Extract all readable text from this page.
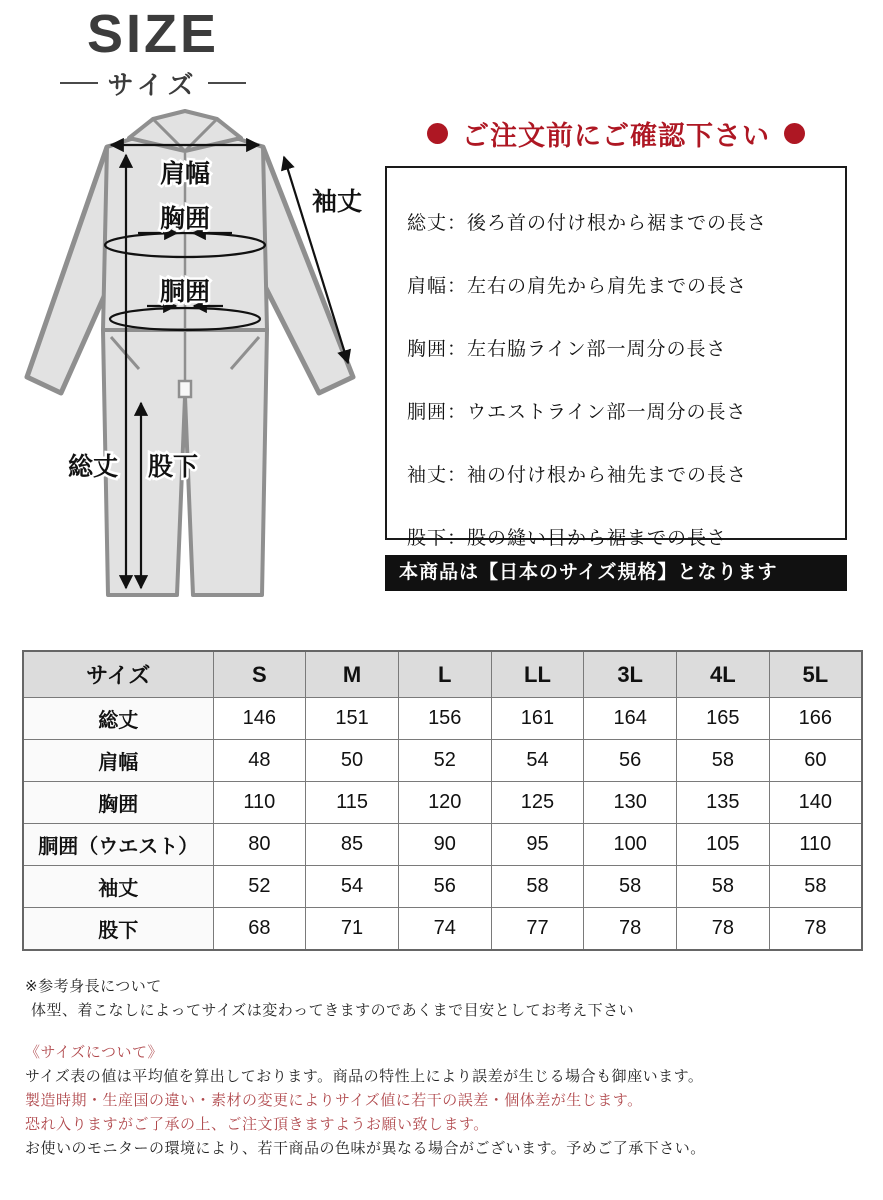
SIZE
サイズ
肩幅
袖丈
胸囲
胴囲
総丈 股下
ご注文前にご確認下さい
総丈：後ろ首の付け根から裾までの長さ
肩幅：左右の肩先から肩先までの長さ
胸囲：左右脇ライン部一周分の長さ
胴囲：ウエストライン部一周分の長さ
袖丈：袖の付け根から袖先までの長さ
股下：股の縫い目から裾までの長さ
本商品は【日本のサイズ規格】となります
サイズ	S	M	L	LL	3L	4L	5L
総丈	146	151	156	161	164	165	166
肩幅	48	50	52	54	56	58	60
胸囲	110	115	120	125	130	135	140
胴囲（ウエスト）	80	85	90	95	100	105	110
袖丈	52	54	56	58	58	58	58
股下	68	71	74	77	78	78	78
※参考身長について
体型、着こなしによってサイズは変わってきますのであくまで目安としてお考え下さい
《サイズについて》
サイズ表の値は平均値を算出しております。商品の特性上により誤差が生じる場合も御座います。
製造時期・生産国の違い・素材の変更によりサイズ値に若干の誤差・個体差が生じます。
恐れ入りますがご了承の上、ご注文頂きますようお願い致します。
お使いのモニターの環境により、若干商品の色味が異なる場合がございます。予めご了承下さい。
